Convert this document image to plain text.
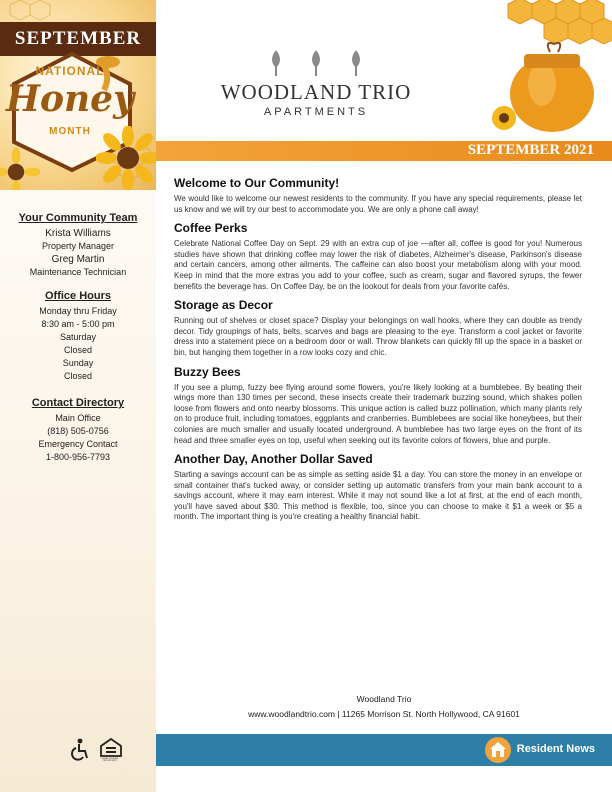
SEPTEMBER
NATIONAL
Honey
MONTH
Your Community Team
Krista Williams
Property Manager
Greg Martin
Maintenance Technician
Office Hours
Monday thru Friday
8:30 am - 5:00 pm
Saturday
Closed
Sunday
Closed
Contact Directory
Main Office
(818) 505-0756
Emergency Contact
1-800-956-7793

EQUAL HOUSING OPPORTUNITY
WOODLAND TRIO
APARTMENTS
SEPTEMBER 2021
Welcome to Our Community!

We would like to welcome our newest residents to the community. If you have any special requirements, please let us know and we will try our best to accommodate you. We are only a phone call away!

Coffee Perks

Celebrate National Coffee Day on Sept. 29 with an extra cup of joe —after all, coffee is good for you! Numerous studies have shown that drinking coffee may lower the risk of diabetes, Alzheimer's disease, Parkinson's disease and certain cancers, among other ailments. The caffeine can also boost your metabolism along with your mood. Keep in mind that the more extras you add to your coffee, such as cream, sugar and flavored syrups, the fewer benefits the beverage has. On Coffee Day, be on the lookout for deals from your favorite cafés.

Storage as Decor

Running out of shelves or closet space? Display your belongings on wall hooks, where they can double as trendy decor. Tidy groupings of hats, belts, scarves and bags are pleasing to the eye. Transform a cool jacket or favorite dress into a statement piece on a bedroom door or wall. Throw blankets can quickly fill up the space in a basket or bin, but hanging them together in a row looks cozy and chic.

Buzzy Bees

If you see a plump, fuzzy bee flying around some flowers, you're likely looking at a bumblebee. By beating their wings more than 130 times per second, these insects create their trademark buzzing sound, which shakes pollen loose from flowers and onto nearby blossoms. This unique action is called buzz pollination, which many plants rely on to produce fruit, including tomatoes, eggplants and cranberries. Bumblebees are social like honeybees, but their colonies are much smaller and usually located underground. A bumblebee has two large eyes on the front of its head and three smaller eyes on top, useful when seeking out its favorite colors of flowers, blue and purple.

Another Day, Another Dollar Saved

Starting a savings account can be as simple as setting aside $1 a day. You can store the money in an envelope or small container that's tucked away, or consider setting up automatic transfers from your main bank account to a savings account, where it may earn interest. While it may not sound like a lot at first, at the end of each month, you'll have saved about $30. This method is flexible, too, since you can choose to make it $1 a week or $5 a month. The important thing is you're creating a healthy financial habit.

Woodland Trio
www.woodlandtrio.com | 11265 Morrison St. North Hollywood, CA 91601
Resident News
